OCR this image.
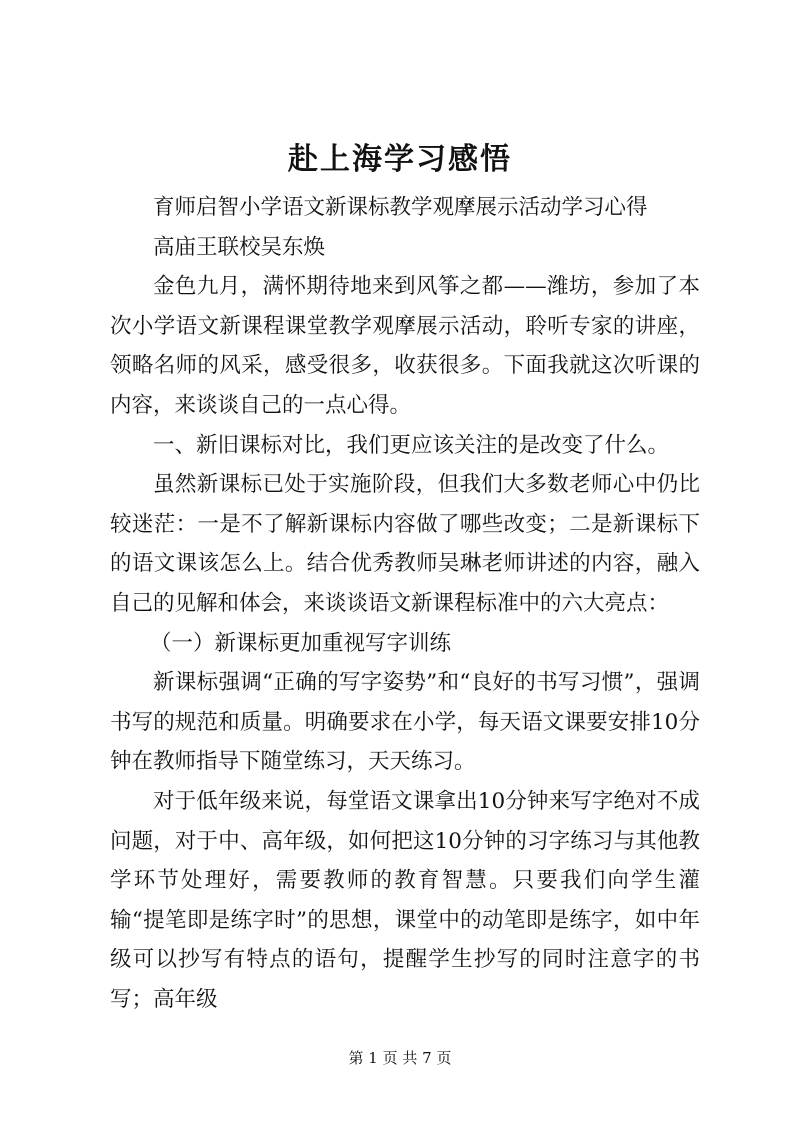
赴上海学习感悟

育师启智小学语文新课标教学观摩展示活动学习心得

高庙王联校吴东焕

金色九月，满怀期待地来到风筝之都——潍坊，参加了本次小学语文新课程课堂教学观摩展示活动，聆听专家的讲座，领略名师的风采，感受很多，收获很多。下面我就这次听课的内容，来谈谈自己的一点心得。

一、新旧课标对比，我们更应该关注的是改变了什么。

虽然新课标已处于实施阶段，但我们大多数老师心中仍比较迷茫：一是不了解新课标内容做了哪些改变；二是新课标下的语文课该怎么上。结合优秀教师吴琳老师讲述的内容，融入自己的见解和体会，来谈谈语文新课程标准中的六大亮点：

（一）新课标更加重视写字训练

新课标强调“正确的写字姿势”和“良好的书写习惯”，强调书写的规范和质量。明确要求在小学，每天语文课要安排10分钟在教师指导下随堂练习，天天练习。

对于低年级来说，每堂语文课拿出10分钟来写字绝对不成问题，对于中、高年级，如何把这10分钟的习字练习与其他教学环节处理好，需要教师的教育智慧。只要我们向学生灌输“提笔即是练字时”的思想，课堂中的动笔即是练字，如中年级可以抄写有特点的语句，提醒学生抄写的同时注意字的书写；高年级

第 1 页 共 7 页
